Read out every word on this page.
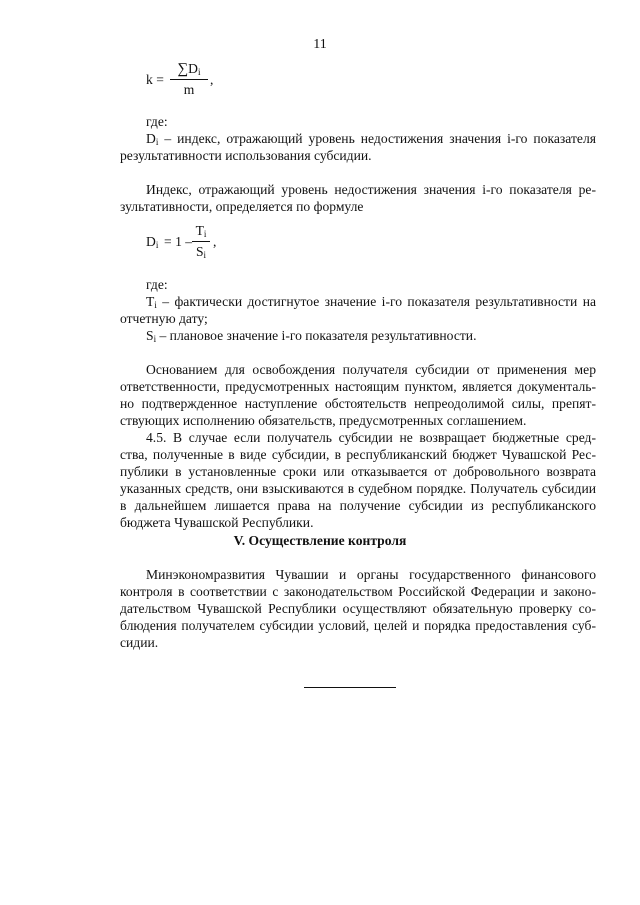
11
k =
$\sum D_i$
m
,
где:
$D_i$ – индекс, отражающий уровень недостижения значения i-го показателя
результативности использования субсидии.
Индекс, отражающий уровень недостижения значения i-го показателя ре-
зультативности, определяется по формуле
$D_i = 1$ –
$T_i$
$S_i$
,
где:
$T_i$ – фактически достигнутое значение i-го показателя результативности на
отчетную дату;
$S_i$ – плановое значение i-го показателя результативности.
Основанием для освобождения получателя субсидии от применения мер
ответственности, предусмотренных настоящим пунктом, является документаль-
но подтвержденное наступление обстоятельств непреодолимой силы, препят-
ствующих исполнению обязательств, предусмотренных соглашением.
4.5. В случае если получатель субсидии не возвращает бюджетные сред-
ства, полученные в виде субсидии, в республиканский бюджет Чувашской Рес-
публики в установленные сроки или отказывается от добровольного возврата
указанных средств, они взыскиваются в судебном порядке. Получатель субсидии
в дальнейшем лишается права на получение субсидии из республиканского
бюджета Чувашской Республики.
V. Осуществление контроля
Минэкономразвития Чувашии и органы государственного финансового
контроля в соответствии с законодательством Российской Федерации и законо-
дательством Чувашской Республики осуществляют обязательную проверку со-
блюдения получателем субсидии условий, целей и порядка предоставления суб-
сидии.
